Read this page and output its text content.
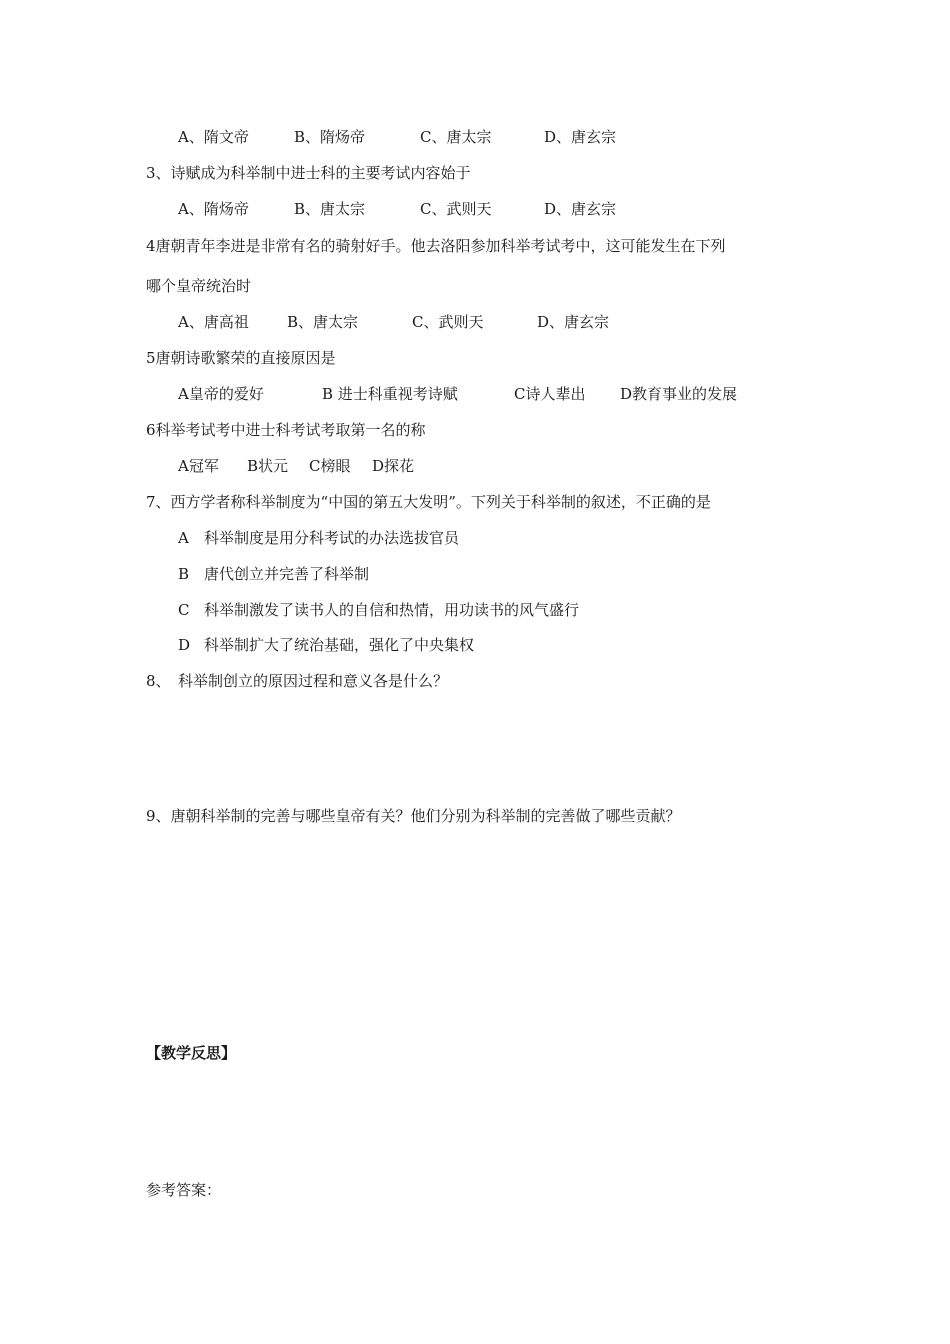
A、隋文帝	B、隋炀帝	C、唐太宗	D、唐玄宗
3、诗赋成为科举制中进士科的主要考试内容始于
A、隋炀帝	B、唐太宗	C、武则天	D、唐玄宗
4唐朝青年李进是非常有名的骑射好手。他去洛阳参加科举考试考中，这可能发生在下列
哪个皇帝统治时
A、唐高祖	B、唐太宗	C、武则天	D、唐玄宗
5唐朝诗歌繁荣的直接原因是
A皇帝的爱好	B 进士科重视考诗赋	C诗人辈出 D教育事业的发展
6科举考试考中进士科考试考取第一名的称
A冠军 B状元 C榜眼 D探花
7、西方学者称科举制度为“中国的第五大发明”。下列关于科举制的叙述，不正确的是
A 科举制度是用分科考试的办法选拔官员
B 唐代创立并完善了科举制
C 科举制激发了读书人的自信和热情，用功读书的风气盛行
D 科举制扩大了统治基础，强化了中央集权
8、 科举制创立的原因过程和意义各是什么？
9、唐朝科举制的完善与哪些皇帝有关？他们分别为科举制的完善做了哪些贡献？
【教学反思】
参考答案：
